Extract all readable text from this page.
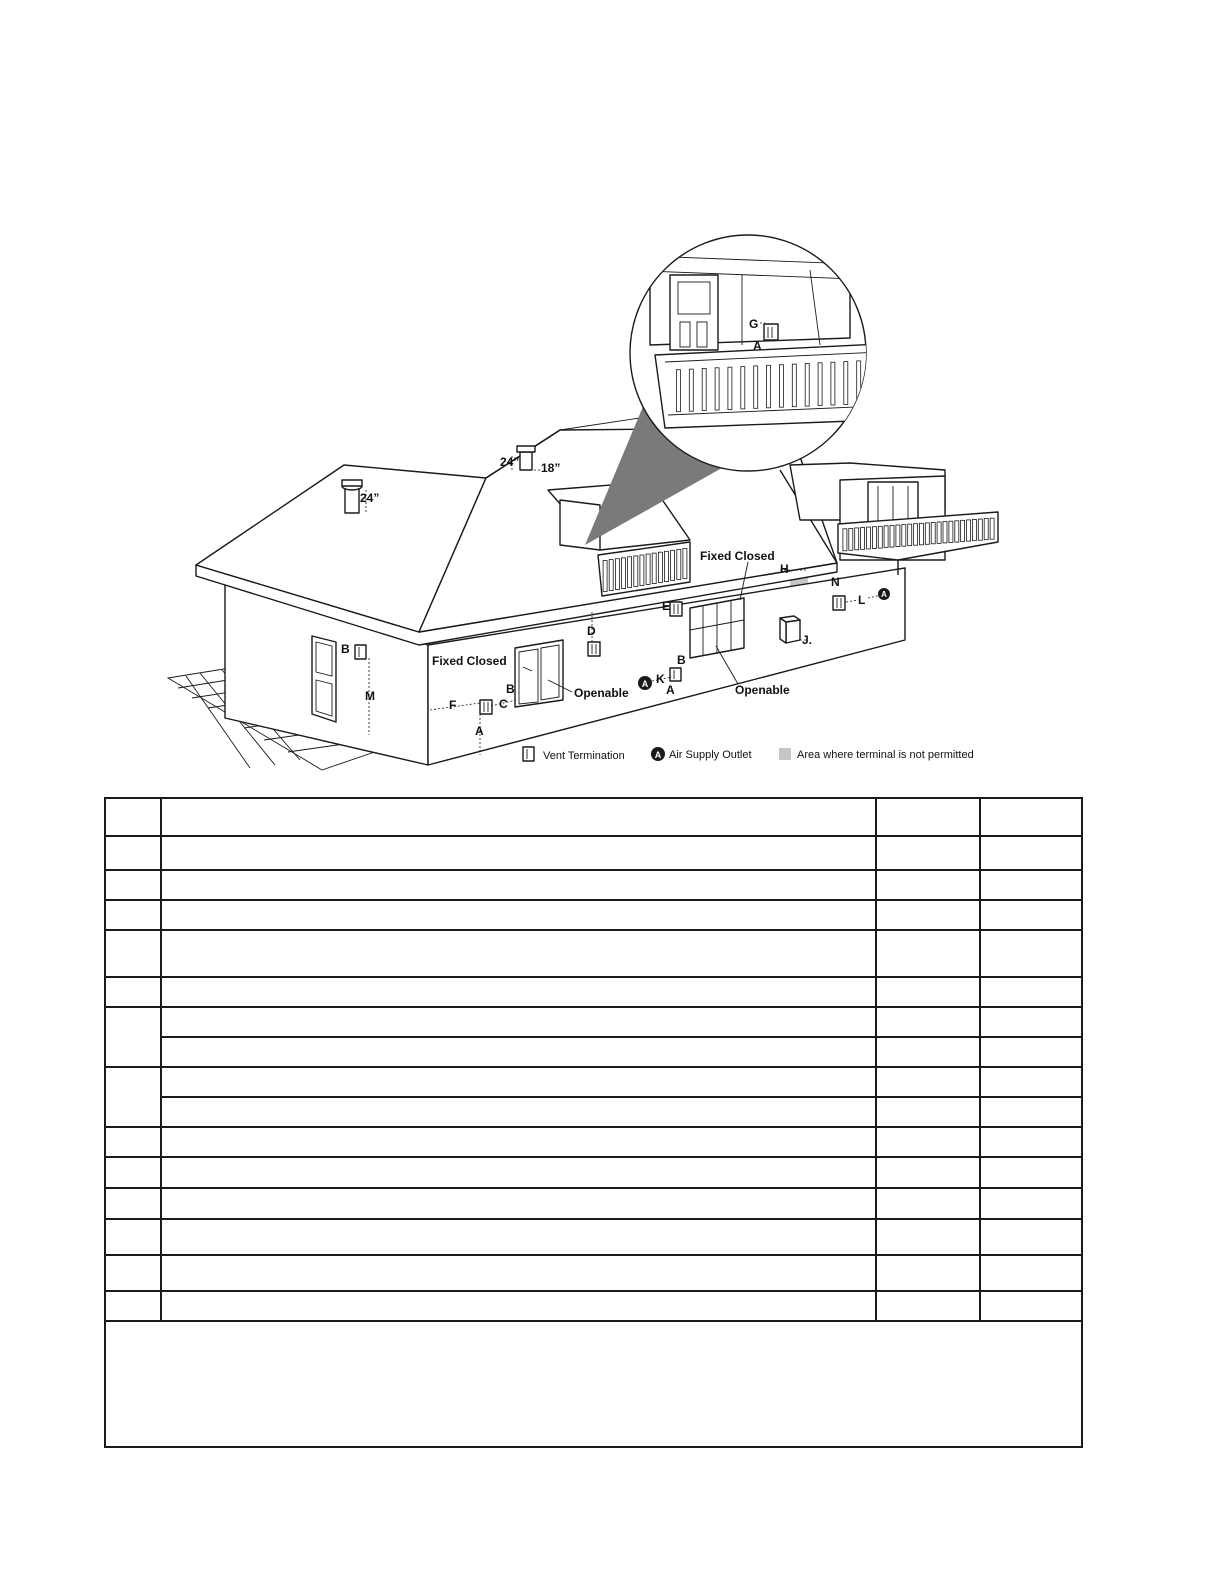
G
A
24”
24” 18”
B
M
F
A
C
B
D
E
B
K
A
H
J.
N
L
Fixed Closed
Openable
Fixed Closed
Openable
A
A
Vent Termination	A Air Supply Outlet	Area where terminal is not permitted
